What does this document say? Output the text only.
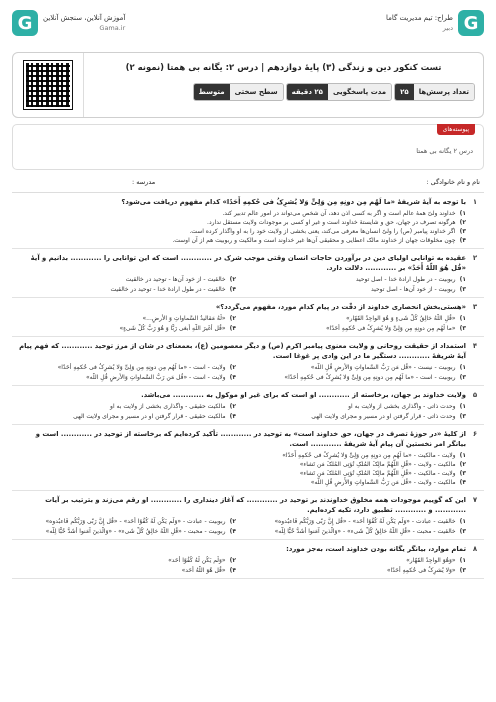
G
طراح: تیم مدیریت گاما
دبیر
آموزش آنلاین، سنجش آنلاین
Gama.ir
G
تست کنکور دین و زندگی (۳) پایهٔ دوازدهم | درس ۲: یگانه بی همتا (نمونه ۲)
تعداد پرسش‌ها
۲۵
مدت پاسخگویی
۲۵ دقیقه
سطح سختی
متوسط
پیوسته‌های
درس ۲ یگانه بی همتا
نام و نام خانوادگی :
مدرسه :
۱
با توجه به آیهٔ شریفهٔ «ما لَهُم مِن دونِهِ مِن وَلِیٍّ وَلا یُشرِکُ فی حُکمِهِ أَحَدًا» کدام مفهوم دریافت می‌شود؟
۱)خداوند ولیّ همهٔ عالم است و اگر به کسی اذن دهد، آن شخص می‌تواند در امور عالم تدبیر کند.
۲)هرگونه تصرف در جهان، حق و شایستهٔ خداوند است و غیر او کسی بر موجودات ولایت مستقل ندارد.
۳)اگر خداوند پیامبر (ص) را ولیّ انسان‌ها معرفی می‌کند، یعنی بخشی از ولایت خود را به او واگذار کرده است.
۴)چون مخلوقات جهان از خداوند مالک اعطایی و محقیقی آن‌ها غیر خداوند است و مالکیت و ربوبیت هم از آن اوست.
۲
عقیده به توانایی اولیای دین در برآوردن حاجات انسان وقتی موجب شرک در ............ است که این توانایی را ............ بدانیم و آیهٔ «قُل هُوَ اللّهُ أَحَدٌ» بر ............ دلالت دارد.
۱)ربوبیت - در طول ارادهٔ خدا - اصل توحید
۲)خالقیت - از خود آن‌ها - توحید در خالقیت
۳)ربوبیت - از خود آن‌ها - اصل توحید
۴)خالقیت - در طول ارادهٔ خدا - توحید در خالقیت
۳
«هستی‌بخش انحصاری خداوند از دقّت در پیام کدام مورد، مفهوم می‌گردد؟»
۱)«قُلِ اللّهُ خالِقُ کُلِّ شَیءٍ وَ هُوَ الواحِدُ القَهّار»
۲)«لَهُ مَقالیدُ السَّماواتِ وَ الأَرضِ...»
۳)«ما لَهُم مِن دونِهِ مِن وَلِیٍّ وَلا یُشرِکُ فی حُکمِهِ أَحَدًا»
۴)«قُل أَغَیرَ اللّهِ أَبغی رَبًّا وَ هُوَ رَبُّ کُلِّ شَیءٍ»
۴
استمداد از حقیقت روحانی و ولایت معنوی پیامبر اکرم (ص) و دیگر معصومین (ع)، بعمعنای در شان از مرز توحید ............ که فهم پیام آیهٔ شریفهٔ ............ دستگیر ما در این وادی پر غوغا است.
۱)ربوبیت - نیست - «قُل مَن رَبُّ السَّماواتِ وَالأَرضِ قُلِ اللّه»
۲)ولایت - است - «ما لَهُم مِن دونِهِ مِن وَلِیٍّ وَلا یُشرِکُ فی حُکمِهِ أَحَدًا»
۳)ربوبیت - است - «ما لَهُم مِن دونِهِ مِن وَلِیٍّ وَلا یُشرِکُ فی حُکمِهِ أَحَدًا»
۴)ولایت - است - «قُل مَن رَبُّ السَّماواتِ وَالأَرضِ قُلِ اللّه»
۵
ولایت خداوند بر جهان، برخاسته از ............ او است که برای غیر او موکول به ............ می‌باشد.
۱)وحدت ذاتی - واگذاری بخشی از ولایت به او
۲)مالکیت حقیقی - واگذاری بخشی از ولایت به او
۳)وحدت ذاتی - قرار گرفتن او در مسیر و مجرای ولایت الهی
۴)مالکیت حقیقی - قرار گرفتن او در مسیر و مجرای ولایت الهی
۶
از کلیهٔ «در حوزهٔ تصرف در جهان، حق خداوند است» به توحید در ............ تأکید کرده‌ایم که برخاسته از توحید در ............ است و بیانگر امر نخستین آن پیام آیهٔ شریفهٔ ............ است.
۱)ولایت - مالکیت - «ما لَهُم مِن دونِهِ مِن وَلِیٍّ وَلا یُشرِکُ فی حُکمِهِ أَحَدًا»
۲)مالکیت - ولایت - «قُلِ اللّهُمَّ مالِکَ المُلکِ تُؤتِی المُلکَ مَن تَشاء»
۳)ولایت - مالکیت - «قُلِ اللّهُمَّ مالِکَ المُلکِ تُؤتِی المُلکَ مَن تَشاء»
۴)مالکیت - ولایت - «قُل مَن رَبُّ السَّماواتِ وَالأَرضِ قُلِ اللّه»
۷
این که گوییم موجودات همه مخلوق خداوندند بر توحید در ............ که آغاز دینداری را ............ او رقم می‌زند و بترتیب بر آیات ............ و ............ تطبیق دارد، تکیه کرده‌ایم.
۱)خالقیت - عبادت - «وَلَم یَکُن لَهُ کُفُوًا أَحَد» - «قُل إِنَّ رَبّی وَرَبُّکُم فَاعبُدوه»
۲)ربوبیت - عبادت - «وَلَم یَکُن لَهُ کُفُوًا أَحَد» - «قُل إِنَّ رَبّی وَرَبُّکُم فَاعبُدوه»
۳)خالقیت - محبت - «قُلِ اللّهُ خالِقُ کُلِّ شَیء» - «وَالَّذینَ آمَنوا أَشَدُّ حُبًّا لِلّه»
۴)ربوبیت - محبت - «قُلِ اللّهُ خالِقُ کُلِّ شَیء» - «وَالَّذینَ آمَنوا أَشَدُّ حُبًّا لِلّه»
۸
تمام موارد، بیانگر یگانه بودن خداوند است، به‌جز مورد:
۱)«وَهُوَ الواحِدُ القَهّار»
۲)«وَلَم یَکُن لَهُ کُفُوًا أَحَد»
۳)«وَلا یُشرِکُ فی حُکمِهِ أَحَدًا»
۴)«قُل هُوَ اللّهُ أَحَد»
